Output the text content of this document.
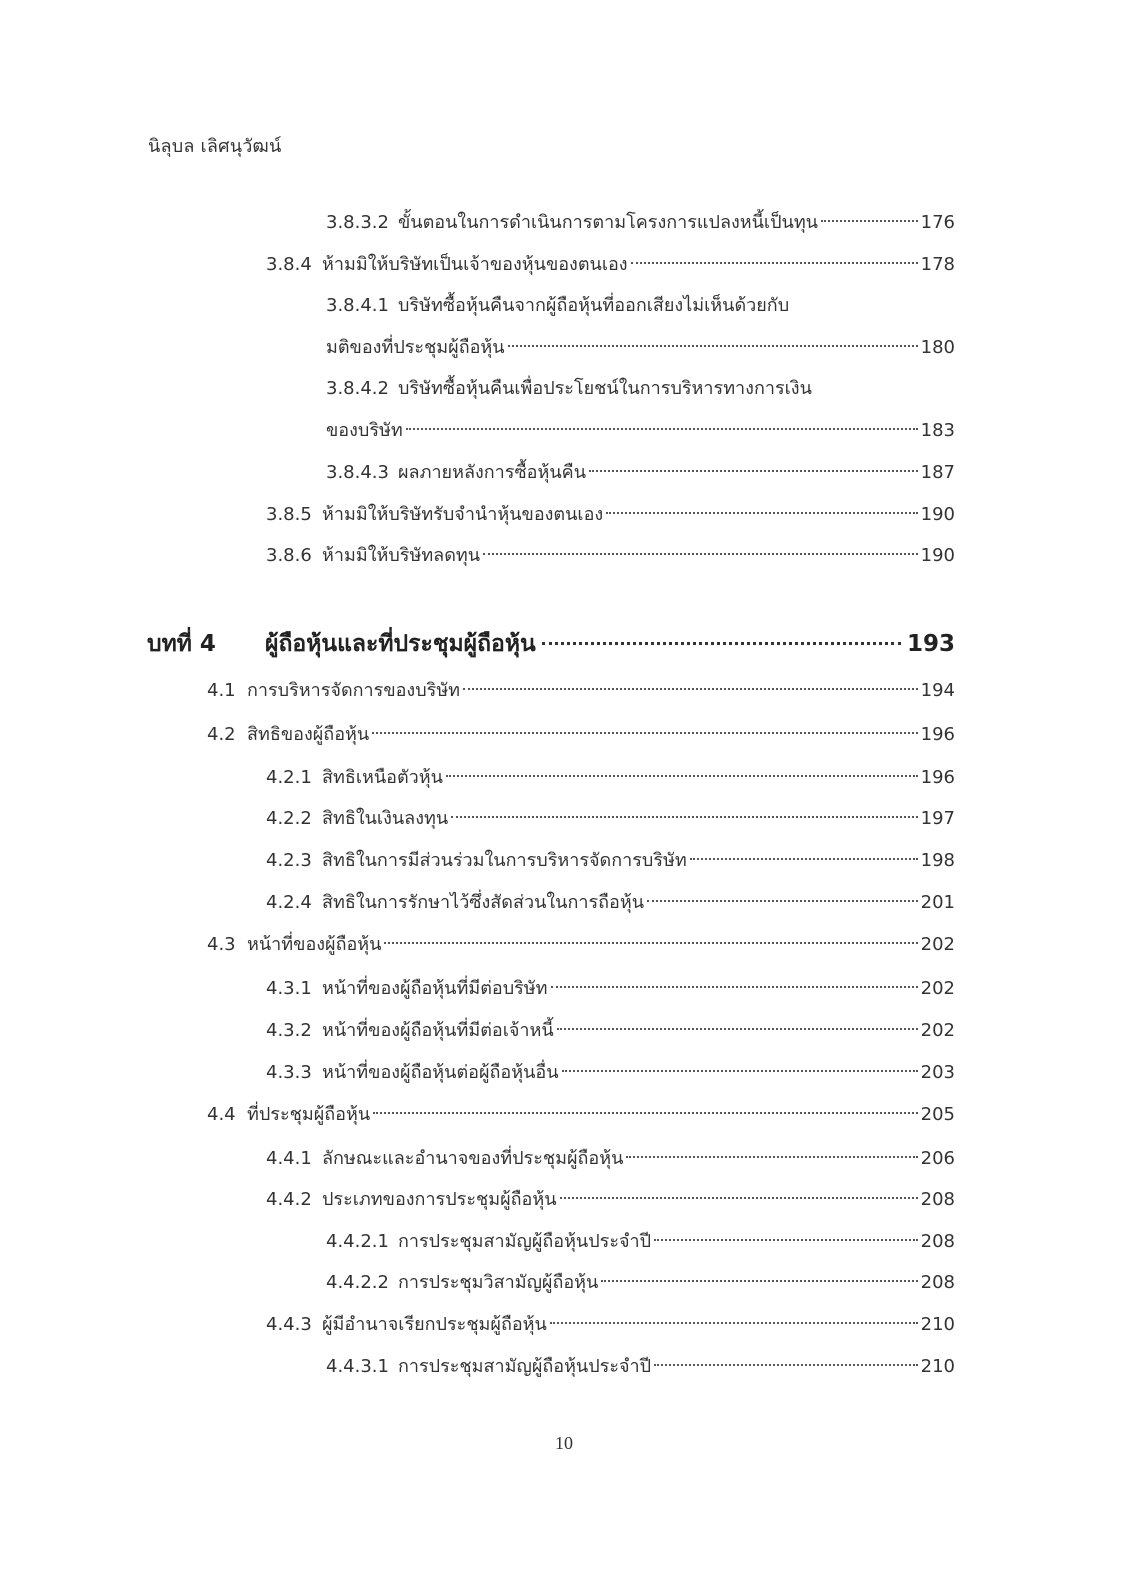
นิลุบล เลิศนุวัฒน์
3.8.3.2 ขั้นตอนในการดำเนินการตามโครงการแปลงหนี้เป็นทุน	176
3.8.4 ห้ามมิให้บริษัทเป็นเจ้าของหุ้นของตนเอง	178
3.8.4.1 บริษัทซื้อหุ้นคืนจากผู้ถือหุ้นที่ออกเสียงไม่เห็นด้วยกับ
มติของที่ประชุมผู้ถือหุ้น	180
3.8.4.2 บริษัทซื้อหุ้นคืนเพื่อประโยชน์ในการบริหารทางการเงิน
ของบริษัท	183
3.8.4.3 ผลภายหลังการซื้อหุ้นคืน	187
3.8.5 ห้ามมิให้บริษัทรับจำนำหุ้นของตนเอง	190
3.8.6 ห้ามมิให้บริษัทลดทุน	190
บทที่ 4	ผู้ถือหุ้นและที่ประชุมผู้ถือหุ้น	193
4.1 การบริหารจัดการของบริษัท	194
4.2 สิทธิของผู้ถือหุ้น	196
4.2.1 สิทธิเหนือตัวหุ้น	196
4.2.2 สิทธิในเงินลงทุน	197
4.2.3 สิทธิในการมีส่วนร่วมในการบริหารจัดการบริษัท	198
4.2.4 สิทธิในการรักษาไว้ซึ่งสัดส่วนในการถือหุ้น	201
4.3 หน้าที่ของผู้ถือหุ้น	202
4.3.1 หน้าที่ของผู้ถือหุ้นที่มีต่อบริษัท	202
4.3.2 หน้าที่ของผู้ถือหุ้นที่มีต่อเจ้าหนี้	202
4.3.3 หน้าที่ของผู้ถือหุ้นต่อผู้ถือหุ้นอื่น	203
4.4 ที่ประชุมผู้ถือหุ้น	205
4.4.1 ลักษณะและอำนาจของที่ประชุมผู้ถือหุ้น	206
4.4.2 ประเภทของการประชุมผู้ถือหุ้น	208
4.4.2.1 การประชุมสามัญผู้ถือหุ้นประจำปี	208
4.4.2.2 การประชุมวิสามัญผู้ถือหุ้น	208
4.4.3 ผู้มีอำนาจเรียกประชุมผู้ถือหุ้น	210
4.4.3.1 การประชุมสามัญผู้ถือหุ้นประจำปี	210
10
